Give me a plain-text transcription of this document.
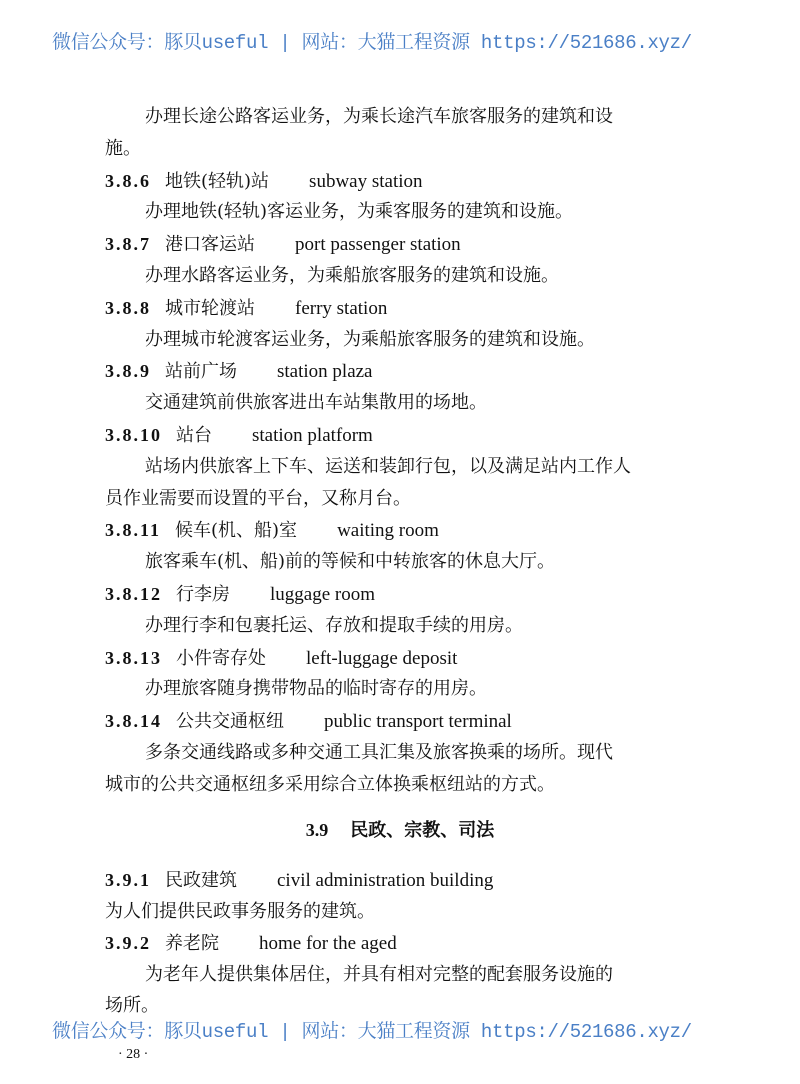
微信公众号：豚贝useful | 网站：大猫工程资源 https://521686.xyz/
办理长途公路客运业务，为乘长途汽车旅客服务的建筑和设
施。
3.8.6 地铁(轻轨)站 subway station
办理地铁(轻轨)客运业务，为乘客服务的建筑和设施。
3.8.7 港口客运站 port passenger station
办理水路客运业务，为乘船旅客服务的建筑和设施。
3.8.8 城市轮渡站 ferry station
办理城市轮渡客运业务，为乘船旅客服务的建筑和设施。
3.8.9 站前广场 station plaza
交通建筑前供旅客进出车站集散用的场地。
3.8.10 站台 station platform
站场内供旅客上下车、运送和装卸行包，以及满足站内工作人
员作业需要而设置的平台，又称月台。
3.8.11 候车(机、船)室 waiting room
旅客乘车(机、船)前的等候和中转旅客的休息大厅。
3.8.12 行李房 luggage room
办理行李和包裹托运、存放和提取手续的用房。
3.8.13 小件寄存处 left-luggage deposit
办理旅客随身携带物品的临时寄存的用房。
3.8.14 公共交通枢纽 public transport terminal
多条交通线路或多种交通工具汇集及旅客换乘的场所。现代
城市的公共交通枢纽多采用综合立体换乘枢纽站的方式。
3.9 民政、宗教、司法
3.9.1 民政建筑 civil administration building
为人们提供民政事务服务的建筑。
3.9.2 养老院 home for the aged
为老年人提供集体居住，并具有相对完整的配套服务设施的
场所。
微信公众号：豚贝useful | 网站：大猫工程资源 https://521686.xyz/
· 28 ·
